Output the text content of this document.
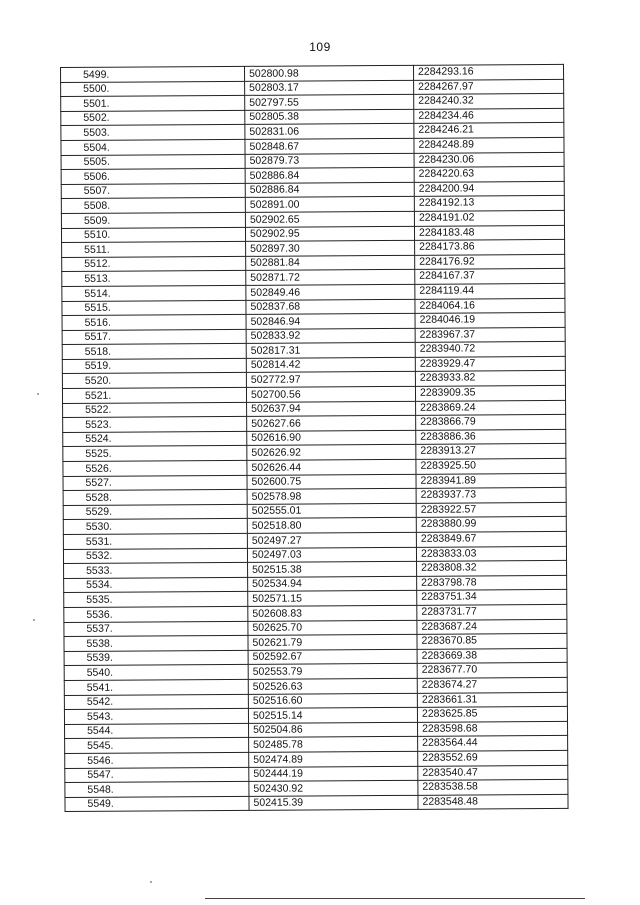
109
5499.	502800.98	2284293.16
5500.	502803.17	2284267.97
5501.	502797.55	2284240.32
5502.	502805.38	2284234.46
5503.	502831.06	2284246.21
5504.	502848.67	2284248.89
5505.	502879.73	2284230.06
5506.	502886.84	2284220.63
5507.	502886.84	2284200.94
5508.	502891.00	2284192.13
5509.	502902.65	2284191.02
5510.	502902.95	2284183.48
5511.	502897.30	2284173.86
5512.	502881.84	2284176.92
5513.	502871.72	2284167.37
5514.	502849.46	2284119.44
5515.	502837.68	2284064.16
5516.	502846.94	2284046.19
5517.	502833.92	2283967.37
5518.	502817.31	2283940.72
5519.	502814.42	2283929.47
5520.	502772.97	2283933.82
5521.	502700.56	2283909.35
5522.	502637.94	2283869.24
5523.	502627.66	2283866.79
5524.	502616.90	2283886.36
5525.	502626.92	2283913.27
5526.	502626.44	2283925.50
5527.	502600.75	2283941.89
5528.	502578.98	2283937.73
5529.	502555.01	2283922.57
5530.	502518.80	2283880.99
5531.	502497.27	2283849.67
5532.	502497.03	2283833.03
5533.	502515.38	2283808.32
5534.	502534.94	2283798.78
5535.	502571.15	2283751.34
5536.	502608.83	2283731.77
5537.	502625.70	2283687.24
5538.	502621.79	2283670.85
5539.	502592.67	2283669.38
5540.	502553.79	2283677.70
5541.	502526.63	2283674.27
5542.	502516.60	2283661.31
5543.	502515.14	2283625.85
5544.	502504.86	2283598.68
5545.	502485.78	2283564.44
5546.	502474.89	2283552.69
5547.	502444.19	2283540.47
5548.	502430.92	2283538.58
5549.	502415.39	2283548.48
